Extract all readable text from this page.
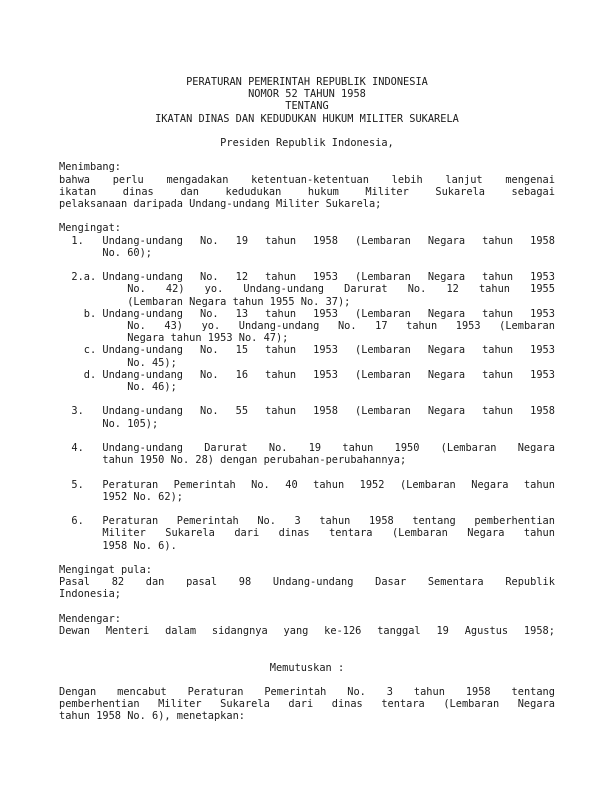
PERATURAN PEMERINTAH REPUBLIK INDONESIA
NOMOR 52 TAHUN 1958
TENTANG
IKATAN DINAS DAN KEDUDUKAN HUKUM MILITER SUKARELA
Presiden Republik Indonesia,
Menimbang:
bahwa perlu mengadakan ketentuan-ketentuan lebih lanjut mengenai
ikatan dinas dan kedudukan hukum Militer Sukarela sebagai
pelaksanaan daripada Undang-undang Militer Sukarela;
Mengingat:
1.	Undang-undang No. 19 tahun 1958 (Lembaran Negara tahun 1958
No. 60);
2.a. Undang-undang No. 12 tahun 1953 (Lembaran Negara tahun 1953
No. 42) yo. Undang-undang Darurat No. 12 tahun 1955
(Lembaran Negara tahun 1955 No. 37);
b. Undang-undang No. 13 tahun 1953 (Lembaran Negara tahun 1953
No. 43) yo. Undang-undang No. 17 tahun 1953 (Lembaran
Negara tahun 1953 No. 47);
c. Undang-undang No. 15 tahun 1953 (Lembaran Negara tahun 1953
No. 45);
d. Undang-undang No. 16 tahun 1953 (Lembaran Negara tahun 1953
No. 46);
3.	Undang-undang No. 55 tahun 1958 (Lembaran Negara tahun 1958
No. 105);
4.	Undang-undang Darurat No. 19 tahun 1950 (Lembaran Negara
tahun 1950 No. 28) dengan perubahan-perubahannya;
5.	Peraturan Pemerintah No. 40 tahun 1952 (Lembaran Negara tahun
1952 No. 62);
6.	Peraturan Pemerintah No. 3 tahun 1958 tentang pemberhentian
Militer Sukarela dari dinas tentara (Lembaran Negara tahun
1958 No. 6).
Mengingat pula:
Pasal 82 dan pasal 98 Undang-undang Dasar Sementara Republik
Indonesia;
Mendengar:
Dewan Menteri dalam sidangnya yang ke-126 tanggal 19 Agustus 1958;
Memutuskan :
Dengan mencabut Peraturan Pemerintah No. 3 tahun 1958 tentang
pemberhentian Militer Sukarela dari dinas tentara (Lembaran Negara
tahun 1958 No. 6), menetapkan:
